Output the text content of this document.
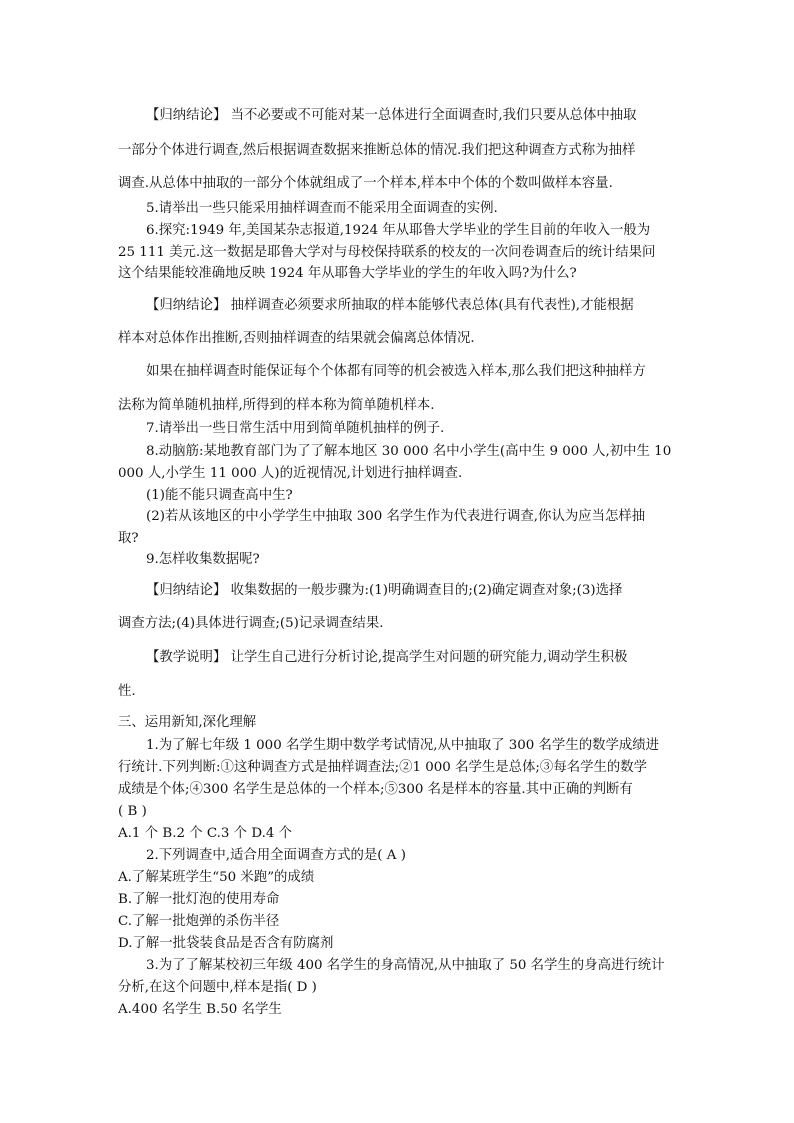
【归纳结论】 当不必要或不可能对某一总体进行全面调查时,我们只要从总体中抽取
一部分个体进行调查,然后根据调查数据来推断总体的情况.我们把这种调查方式称为抽样
调查.从总体中抽取的一部分个体就组成了一个样本,样本中个体的个数叫做样本容量.
5.请举出一些只能采用抽样调查而不能采用全面调查的实例.
6.探究:1949 年,美国某杂志报道,1924 年从耶鲁大学毕业的学生目前的年收入一般为
25 111 美元.这一数据是耶鲁大学对与母校保持联系的校友的一次问卷调查后的统计结果问
这个结果能较准确地反映 1924 年从耶鲁大学毕业的学生的年收入吗?为什么?
【归纳结论】 抽样调查必须要求所抽取的样本能够代表总体(具有代表性),才能根据
样本对总体作出推断,否则抽样调查的结果就会偏离总体情况.
如果在抽样调查时能保证每个个体都有同等的机会被选入样本,那么我们把这种抽样方
法称为简单随机抽样,所得到的样本称为简单随机样本.
7.请举出一些日常生活中用到简单随机抽样的例子.
8.动脑筋:某地教育部门为了了解本地区 30 000 名中小学生(高中生 9 000 人,初中生 10
000 人,小学生 11 000 人)的近视情况,计划进行抽样调查.
(1)能不能只调查高中生?
(2)若从该地区的中小学学生中抽取 300 名学生作为代表进行调查,你认为应当怎样抽
取?
9.怎样收集数据呢?
【归纳结论】 收集数据的一般步骤为:(1)明确调查目的;(2)确定调查对象;(3)选择
调查方法;(4)具体进行调查;(5)记录调查结果.
【教学说明】 让学生自己进行分析讨论,提高学生对问题的研究能力,调动学生积极
性.
三、运用新知,深化理解
1.为了解七年级 1 000 名学生期中数学考试情况,从中抽取了 300 名学生的数学成绩进
行统计.下列判断:①这种调查方式是抽样调查法;②1 000 名学生是总体;③每名学生的数学
成绩是个体;④300 名学生是总体的一个样本;⑤300 名是样本的容量.其中正确的判断有
( B )
A.1 个 B.2 个 C.3 个 D.4 个
2.下列调查中,适合用全面调查方式的是( A )
A.了解某班学生“50 米跑”的成绩
B.了解一批灯泡的使用寿命
C.了解一批炮弹的杀伤半径
D.了解一批袋装食品是否含有防腐剂
3.为了了解某校初三年级 400 名学生的身高情况,从中抽取了 50 名学生的身高进行统计
分析,在这个问题中,样本是指( D )
A.400 名学生 B.50 名学生
